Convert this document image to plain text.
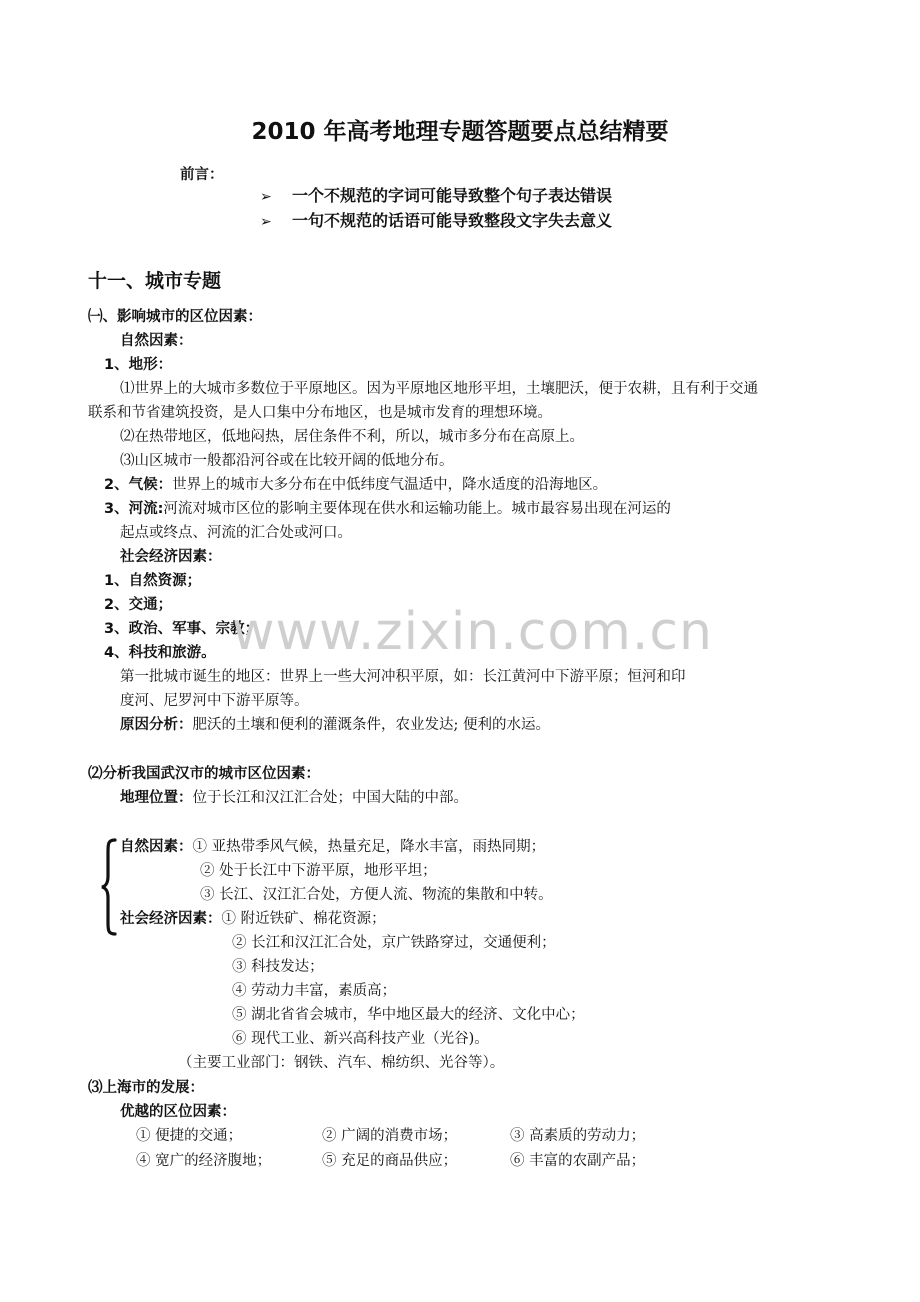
2010 年高考地理专题答题要点总结精要
前言：
➢ 一个不规范的字词可能导致整个句子表达错误
➢ 一句不规范的话语可能导致整段文字失去意义
十一、城市专题
㈠、影响城市的区位因素：
自然因素：
1、地形：
⑴世界上的大城市多数位于平原地区。因为平原地区地形平坦，土壤肥沃，便于农耕，且有利于交通
联系和节省建筑投资，是人口集中分布地区，也是城市发育的理想环境。
⑵在热带地区，低地闷热，居住条件不利，所以，城市多分布在高原上。
⑶山区城市一般都沿河谷或在比较开阔的低地分布。
2、气候：世界上的城市大多分布在中低纬度气温适中，降水适度的沿海地区。
3、河流:河流对城市区位的影响主要体现在供水和运输功能上。城市最容易出现在河运的
起点或终点、河流的汇合处或河口。
社会经济因素：
1、自然资源；
2、交通；
3、政治、军事、宗教；
4、科技和旅游。
第一批城市诞生的地区：世界上一些大河冲积平原，如：长江黄河中下游平原；恒河和印
度河、尼罗河中下游平原等。
原因分析：肥沃的土壤和便利的灌溉条件，农业发达; 便利的水运。
⑵分析我国武汉市的城市区位因素：
地理位置：位于长江和汉江汇合处；中国大陆的中部。
自然因素：① 亚热带季风气候，热量充足，降水丰富，雨热同期；
② 处于长江中下游平原，地形平坦；
③ 长江、汉江汇合处，方便人流、物流的集散和中转。
社会经济因素：① 附近铁矿、棉花资源；
② 长江和汉江汇合处，京广铁路穿过，交通便利；
③ 科技发达；
④ 劳动力丰富，素质高；
⑤ 湖北省省会城市，华中地区最大的经济、文化中心；
⑥ 现代工业、新兴高科技产业（光谷)。
（主要工业部门：钢铁、汽车、棉纺织、光谷等）。
⑶上海市的发展：
优越的区位因素：
① 便捷的交通；	② 广阔的消费市场；	③ 高素质的劳动力；
④ 宽广的经济腹地；	⑤ 充足的商品供应；	⑥ 丰富的农副产品；
www.zixin.com.cn
